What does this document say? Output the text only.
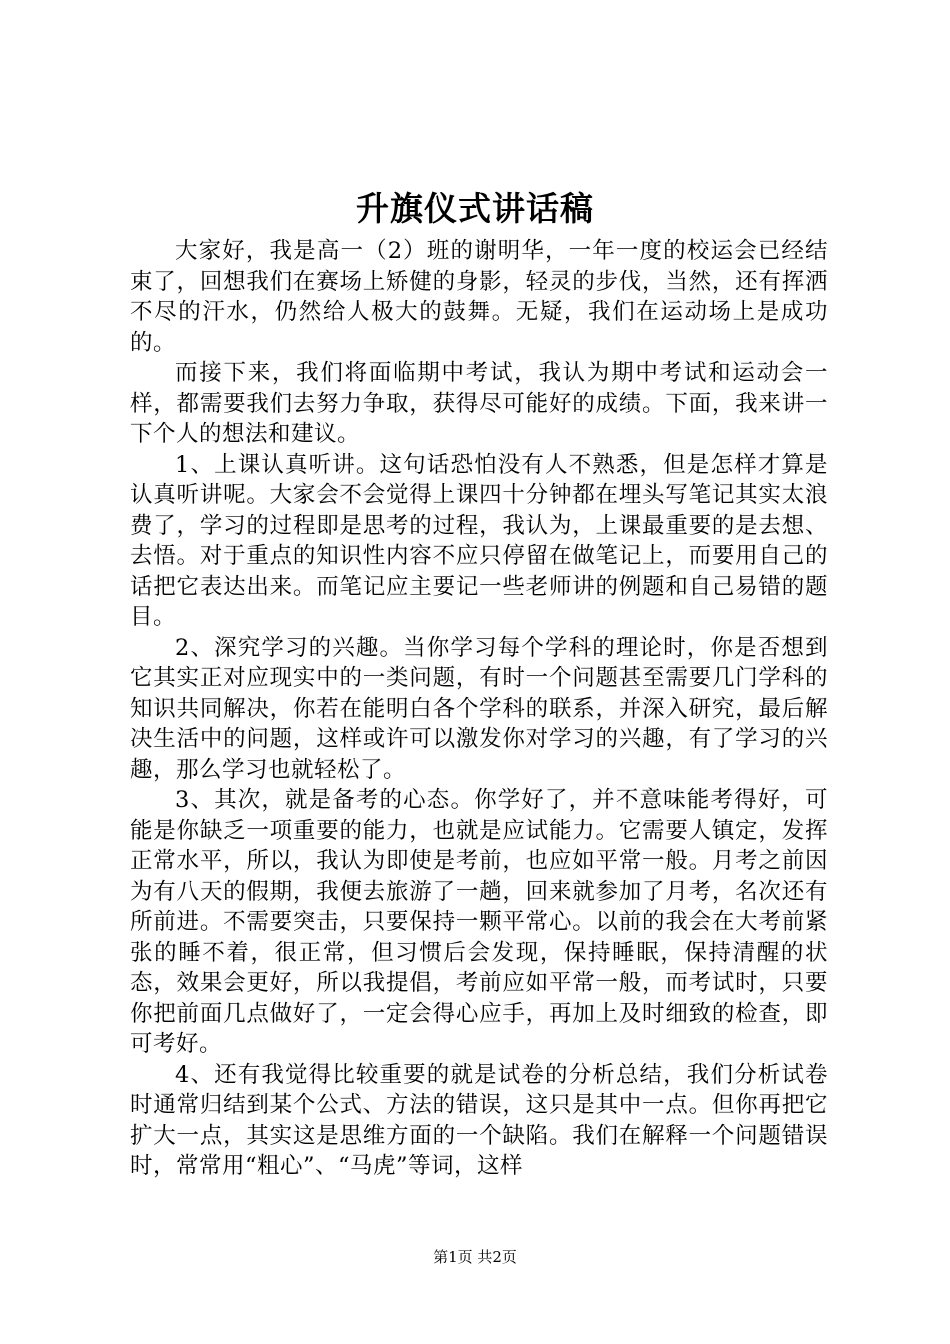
升旗仪式讲话稿

大家好，我是高一（2）班的谢明华，一年一度的校运会已经结束了，回想我们在赛场上矫健的身影，轻灵的步伐，当然，还有挥洒不尽的汗水，仍然给人极大的鼓舞。无疑，我们在运动场上是成功的。

而接下来，我们将面临期中考试，我认为期中考试和运动会一样，都需要我们去努力争取，获得尽可能好的成绩。下面，我来讲一下个人的想法和建议。

1、上课认真听讲。这句话恐怕没有人不熟悉，但是怎样才算是认真听讲呢。大家会不会觉得上课四十分钟都在埋头写笔记其实太浪费了，学习的过程即是思考的过程，我认为，上课最重要的是去想、去悟。对于重点的知识性内容不应只停留在做笔记上，而要用自己的话把它表达出来。而笔记应主要记一些老师讲的例题和自己易错的题目。

2、深究学习的兴趣。当你学习每个学科的理论时，你是否想到它其实正对应现实中的一类问题，有时一个问题甚至需要几门学科的知识共同解决，你若在能明白各个学科的联系，并深入研究，最后解决生活中的问题，这样或许可以激发你对学习的兴趣，有了学习的兴趣，那么学习也就轻松了。

3、其次，就是备考的心态。你学好了，并不意味能考得好，可能是你缺乏一项重要的能力，也就是应试能力。它需要人镇定，发挥正常水平，所以，我认为即使是考前，也应如平常一般。月考之前因为有八天的假期，我便去旅游了一趟，回来就参加了月考，名次还有所前进。不需要突击，只要保持一颗平常心。以前的我会在大考前紧张的睡不着，很正常，但习惯后会发现，保持睡眠，保持清醒的状态，效果会更好，所以我提倡，考前应如平常一般，而考试时，只要你把前面几点做好了，一定会得心应手，再加上及时细致的检查，即可考好。

4、还有我觉得比较重要的就是试卷的分析总结，我们分析试卷时通常归结到某个公式、方法的错误，这只是其中一点。但你再把它扩大一点，其实这是思维方面的一个缺陷。我们在解释一个问题错误时，常常用“粗心”、“马虎”等词，这样

第1页 共2页
